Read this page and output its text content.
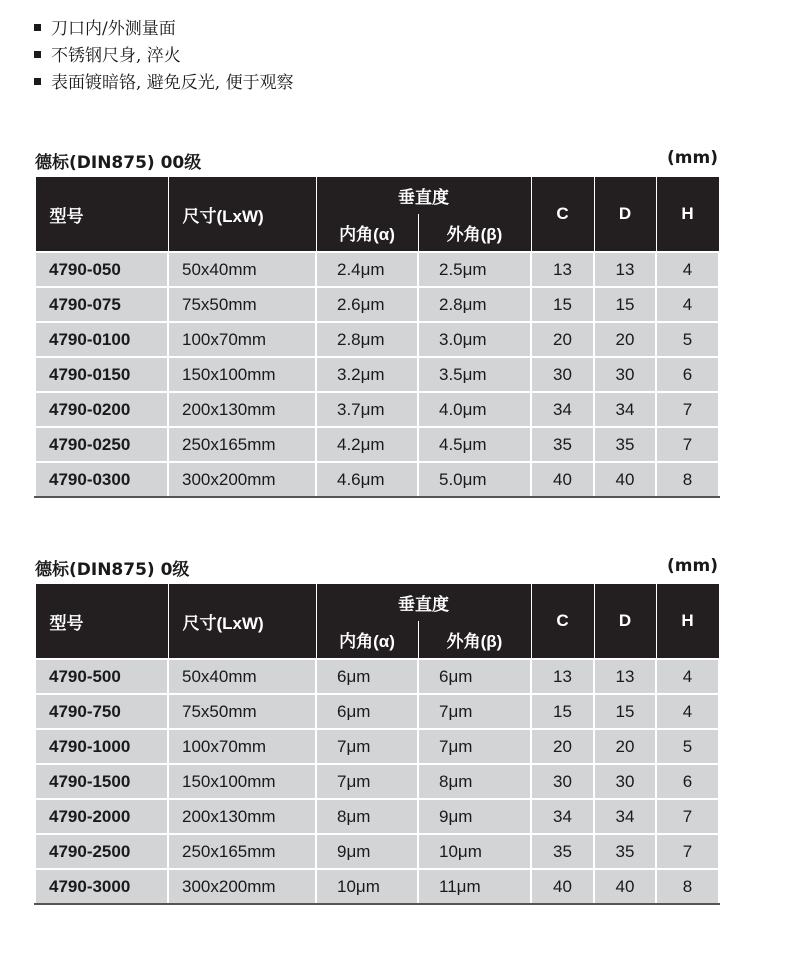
刀口内/外测量面
不锈钢尺身, 淬火
表面镀暗铬, 避免反光, 便于观察
德标(DIN875) 00级	(mm)
型号	尺寸(LxW)	垂直度		C	D	H
		内角(α)	外角(β)			
4790-050	50x40mm	2.4μm	2.5μm	13	13	4
4790-075	75x50mm	2.6μm	2.8μm	15	15	4
4790-0100	100x70mm	2.8μm	3.0μm	20	20	5
4790-0150	150x100mm	3.2μm	3.5μm	30	30	6
4790-0200	200x130mm	3.7μm	4.0μm	34	34	7
4790-0250	250x165mm	4.2μm	4.5μm	35	35	7
4790-0300	300x200mm	4.6μm	5.0μm	40	40	8
德标(DIN875) 0级	(mm)
型号	尺寸(LxW)	垂直度		C	D	H
		内角(α)	外角(β)			
4790-500	50x40mm	6μm	6μm	13	13	4
4790-750	75x50mm	6μm	7μm	15	15	4
4790-1000	100x70mm	7μm	7μm	20	20	5
4790-1500	150x100mm	7μm	8μm	30	30	6
4790-2000	200x130mm	8μm	9μm	34	34	7
4790-2500	250x165mm	9μm	10μm	35	35	7
4790-3000	300x200mm	10μm	11μm	40	40	8
